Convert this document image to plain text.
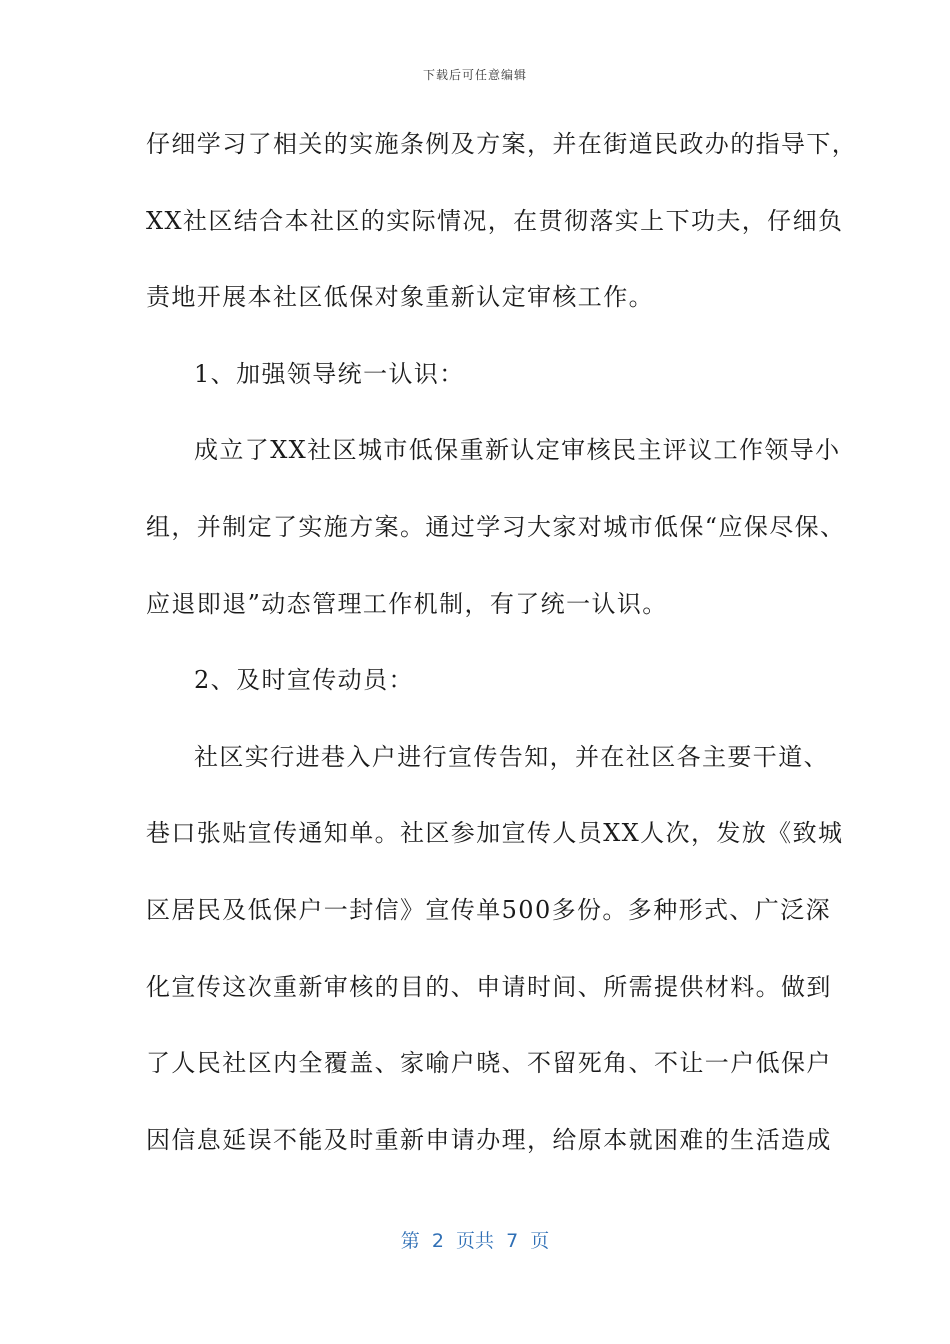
下载后可任意编辑
仔细学习了相关的实施条例及方案，并在街道民政办的指导下，
XX社区结合本社区的实际情况，在贯彻落实上下功夫，仔细负
责地开展本社区低保对象重新认定审核工作。
1、加强领导统一认识：
成立了XX社区城市低保重新认定审核民主评议工作领导小
组，并制定了实施方案。通过学习大家对城市低保“应保尽保、
应退即退”动态管理工作机制，有了统一认识。
2、及时宣传动员：
社区实行进巷入户进行宣传告知，并在社区各主要干道、
巷口张贴宣传通知单。社区参加宣传人员XX人次，发放《致城
区居民及低保户一封信》宣传单500多份。多种形式、广泛深
化宣传这次重新审核的目的、申请时间、所需提供材料。做到
了人民社区内全覆盖、家喻户晓、不留死角、不让一户低保户
因信息延误不能及时重新申请办理，给原本就困难的生活造成
第  2  页共  7  页
